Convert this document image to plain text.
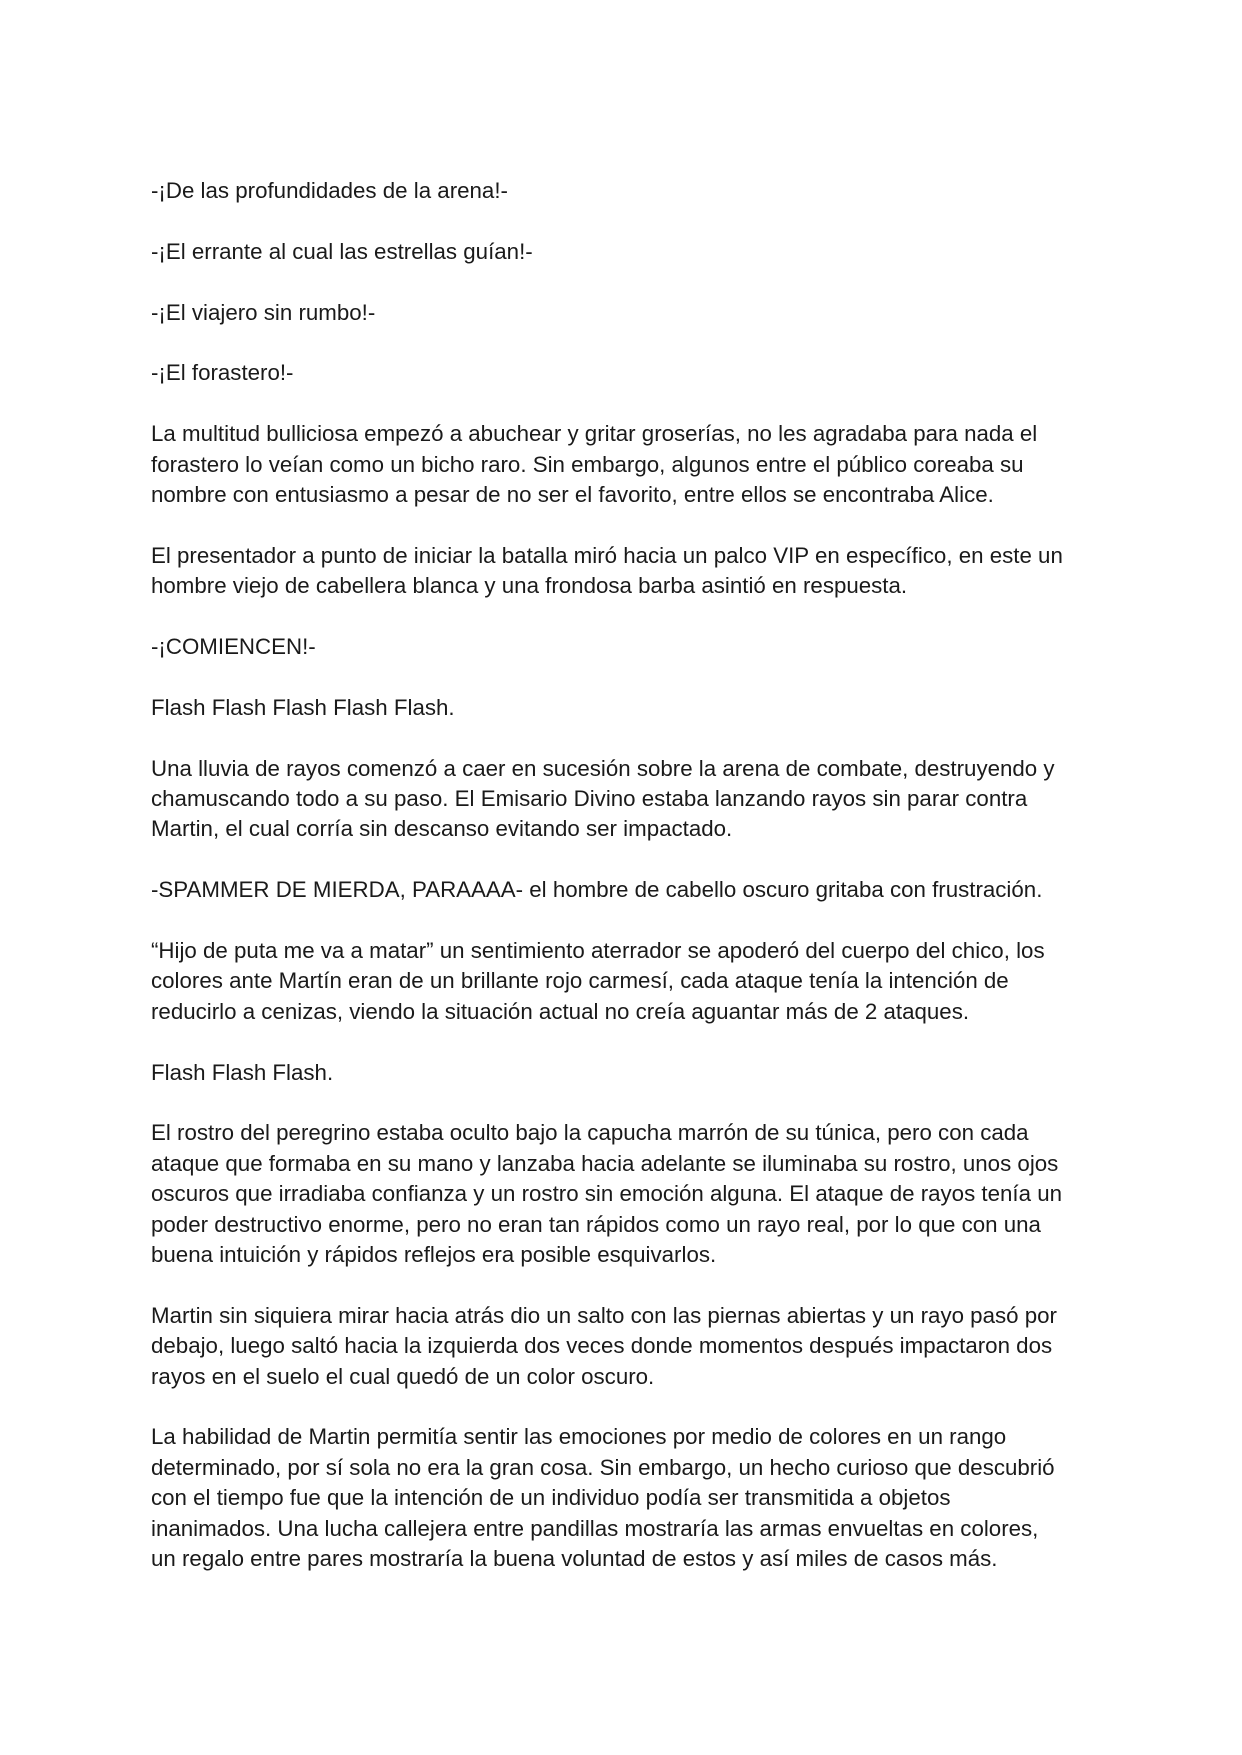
-¡De las profundidades de la arena!-

-¡El errante al cual las estrellas guían!-

-¡El viajero sin rumbo!-

-¡El forastero!-

La multitud bulliciosa empezó a abuchear y gritar groserías, no les agradaba para nada el
forastero lo veían como un bicho raro. Sin embargo, algunos entre el público coreaba su
nombre con entusiasmo a pesar de no ser el favorito, entre ellos se encontraba Alice.

El presentador a punto de iniciar la batalla miró hacia un palco VIP en específico, en este un
hombre viejo de cabellera blanca y una frondosa barba asintió en respuesta.

-¡COMIENCEN!-

Flash Flash Flash Flash Flash.

Una lluvia de rayos comenzó a caer en sucesión sobre la arena de combate, destruyendo y
chamuscando todo a su paso. El Emisario Divino estaba lanzando rayos sin parar contra
Martin, el cual corría sin descanso evitando ser impactado.

-SPAMMER DE MIERDA, PARAAAA- el hombre de cabello oscuro gritaba con frustración.

“Hijo de puta me va a matar” un sentimiento aterrador se apoderó del cuerpo del chico, los
colores ante Martín eran de un brillante rojo carmesí, cada ataque tenía la intención de
reducirlo a cenizas, viendo la situación actual no creía aguantar más de 2 ataques.

Flash Flash Flash.

El rostro del peregrino estaba oculto bajo la capucha marrón de su túnica, pero con cada
ataque que formaba en su mano y lanzaba hacia adelante se iluminaba su rostro, unos ojos
oscuros que irradiaba confianza y un rostro sin emoción alguna. El ataque de rayos tenía un
poder destructivo enorme, pero no eran tan rápidos como un rayo real, por lo que con una
buena intuición y rápidos reflejos era posible esquivarlos.

Martin sin siquiera mirar hacia atrás dio un salto con las piernas abiertas y un rayo pasó por
debajo, luego saltó hacia la izquierda dos veces donde momentos después impactaron dos
rayos en el suelo el cual quedó de un color oscuro.

La habilidad de Martin permitía sentir las emociones por medio de colores en un rango
determinado, por sí sola no era la gran cosa. Sin embargo, un hecho curioso que descubrió
con el tiempo fue que la intención de un individuo podía ser transmitida a objetos
inanimados. Una lucha callejera entre pandillas mostraría las armas envueltas en colores,
un regalo entre pares mostraría la buena voluntad de estos y así miles de casos más.
